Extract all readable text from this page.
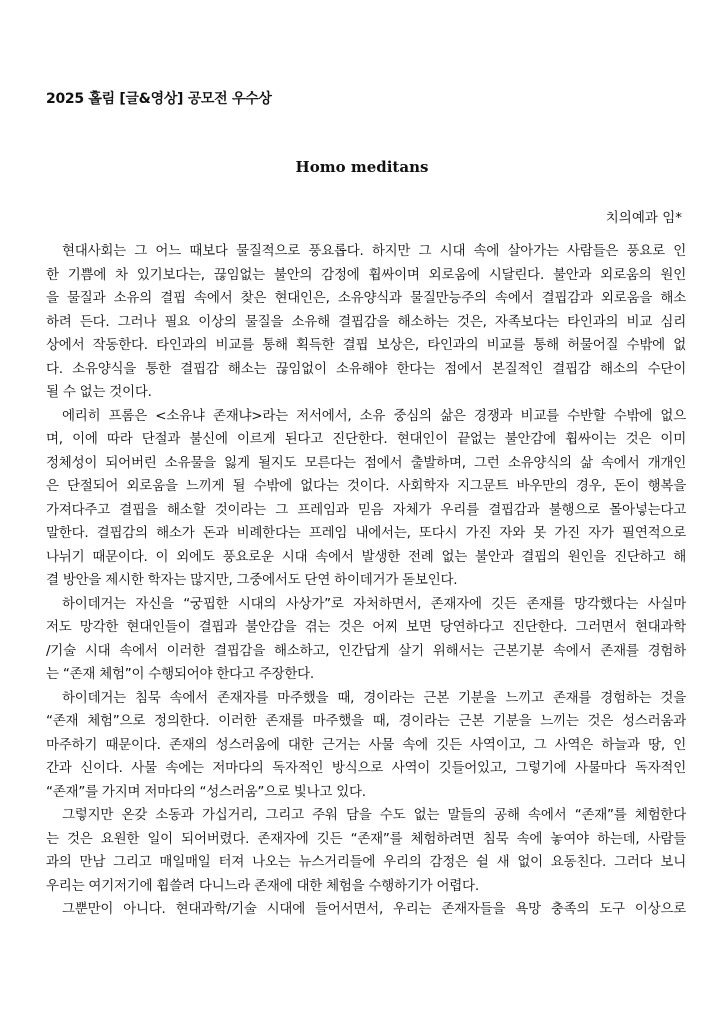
2025 홀림 [글&영상] 공모전 우수상
Homo meditans
치의예과 임*
현대사회는 그 어느 때보다 물질적으로 풍요롭다. 하지만 그 시대 속에 살아가는 사람들은 풍요로 인
한 기쁨에 차 있기보다는, 끊임없는 불안의 감정에 휩싸이며 외로움에 시달린다. 불안과 외로움의 원인
을 물질과 소유의 결핍 속에서 찾은 현대인은, 소유양식과 물질만능주의 속에서 결핍감과 외로움을 해소
하려 든다. 그러나 필요 이상의 물질을 소유해 결핍감을 해소하는 것은, 자족보다는 타인과의 비교 심리
상에서 작동한다. 타인과의 비교를 통해 획득한 결핍 보상은, 타인과의 비교를 통해 허물어질 수밖에 없
다. 소유양식을 통한 결핍감 해소는 끊임없이 소유해야 한다는 점에서 본질적인 결핍감 해소의 수단이
될 수 없는 것이다.
에리히 프롬은 <소유냐 존재냐>라는 저서에서, 소유 중심의 삶은 경쟁과 비교를 수반할 수밖에 없으
며, 이에 따라 단절과 불신에 이르게 된다고 진단한다. 현대인이 끝없는 불안감에 휩싸이는 것은 이미
정체성이 되어버린 소유물을 잃게 될지도 모른다는 점에서 출발하며, 그런 소유양식의 삶 속에서 개개인
은 단절되어 외로움을 느끼게 될 수밖에 없다는 것이다. 사회학자 지그문트 바우만의 경우, 돈이 행복을
가져다주고 결핍을 해소할 것이라는 그 프레임과 믿음 자체가 우리를 결핍감과 불행으로 몰아넣는다고
말한다. 결핍감의 해소가 돈과 비례한다는 프레임 내에서는, 또다시 가진 자와 못 가진 자가 필연적으로
나뉘기 때문이다. 이 외에도 풍요로운 시대 속에서 발생한 전례 없는 불안과 결핍의 원인을 진단하고 해
결 방안을 제시한 학자는 많지만, 그중에서도 단연 하이데거가 돋보인다.
하이데거는 자신을 “궁핍한 시대의 사상가”로 자처하면서, 존재자에 깃든 존재를 망각했다는 사실마
저도 망각한 현대인들이 결핍과 불안감을 겪는 것은 어찌 보면 당연하다고 진단한다. 그러면서 현대과학
/기술 시대 속에서 이러한 결핍감을 해소하고, 인간답게 살기 위해서는 근본기분 속에서 존재를 경험하
는 “존재 체험”이 수행되어야 한다고 주장한다.
하이데거는 침묵 속에서 존재자를 마주했을 때, 경이라는 근본 기분을 느끼고 존재를 경험하는 것을
“존재 체험”으로 정의한다. 이러한 존재를 마주했을 때, 경이라는 근본 기분을 느끼는 것은 성스러움과
마주하기 때문이다. 존재의 성스러움에 대한 근거는 사물 속에 깃든 사역이고, 그 사역은 하늘과 땅, 인
간과 신이다. 사물 속에는 저마다의 독자적인 방식으로 사역이 깃들어있고, 그렇기에 사물마다 독자적인
“존재”를 가지며 저마다의 “성스러움”으로 빛나고 있다.
그렇지만 온갖 소동과 가십거리, 그리고 주워 담을 수도 없는 말들의 공해 속에서 “존재”를 체험한다
는 것은 요원한 일이 되어버렸다. 존재자에 깃든 “존재”를 체험하려면 침묵 속에 놓여야 하는데, 사람들
과의 만남 그리고 매일매일 터져 나오는 뉴스거리들에 우리의 감정은 쉴 새 없이 요동친다. 그러다 보니
우리는 여기저기에 휩쓸려 다니느라 존재에 대한 체험을 수행하기가 어렵다.
그뿐만이 아니다. 현대과학/기술 시대에 들어서면서, 우리는 존재자들을 욕망 충족의 도구 이상으로
